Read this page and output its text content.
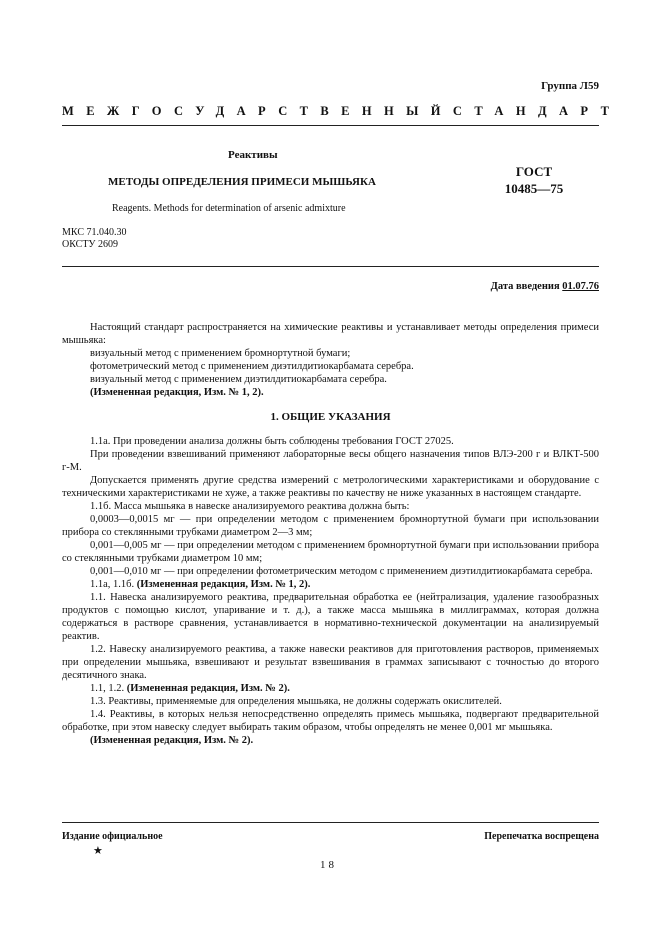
Группа Л59
МЕЖГОСУДАРСТВЕННЫЙ СТАНДАРТ
Реактивы
МЕТОДЫ ОПРЕДЕЛЕНИЯ ПРИМЕСИ МЫШЬЯКА
ГОСТ
10485—75
Reagents. Methods for determination of arsenic admixture
МКС 71.040.30
ОКСТУ 2609
Дата введения 01.07.76

Настоящий стандарт распространяется на химические реактивы и устанавливает методы определения примеси мышьяка:

визуальный метод с применением бромнортутной бумаги;

фотометрический метод с применением диэтилдитиокарбамата серебра.

визуальный метод с применением диэтилдитиокарбамата серебра.

(Измененная редакция, Изм. № 1, 2).

1. ОБЩИЕ УКАЗАНИЯ

1.1а. При проведении анализа должны быть соблюдены требования ГОСТ 27025.

При проведении взвешиваний применяют лабораторные весы общего назначения типов ВЛЭ-200 г и ВЛКТ-500 г-М.

Допускается применять другие средства измерений с метрологическими характеристиками и оборудование с техническими характеристиками не хуже, а также реактивы по качеству не ниже указанных в настоящем стандарте.

1.1б. Масса мышьяка в навеске анализируемого реактива должна быть:

0,0003—0,0015 мг — при определении методом с применением бромнортутной бумаги при использовании прибора со стеклянными трубками диаметром 2—3 мм;

0,001—0,005 мг — при определении методом с применением бромнортутной бумаги при использовании прибора со стеклянными трубками диаметром 10 мм;

0,001—0,010 мг — при определении фотометрическим методом с применением диэтилдитиокарбамата серебра.

1.1а, 1.1б. (Измененная редакция, Изм. № 1, 2).

1.1. Навеска анализируемого реактива, предварительная обработка ее (нейтрализация, удаление газообразных продуктов с помощью кислот, упаривание и т. д.), а также масса мышьяка в миллиграммах, которая должна содержаться в растворе сравнения, устанавливается в нормативно-технической документации на анализируемый реактив.

1.2. Навеску анализируемого реактива, а также навески реактивов для приготовления растворов, применяемых при определении мышьяка, взвешивают и результат взвешивания в граммах записывают с точностью до второго десятичного знака.

1.1, 1.2. (Измененная редакция, Изм. № 2).

1.3. Реактивы, применяемые для определения мышьяка, не должны содержать окислителей.

1.4. Реактивы, в которых нельзя непосредственно определять примесь мышьяка, подвергают предварительной обработке, при этом навеску следует выбирать таким образом, чтобы определять не менее 0,001 мг мышьяка.

(Измененная редакция, Изм. № 2).

Издание официальное	Перепечатка воспрещена
★
18
